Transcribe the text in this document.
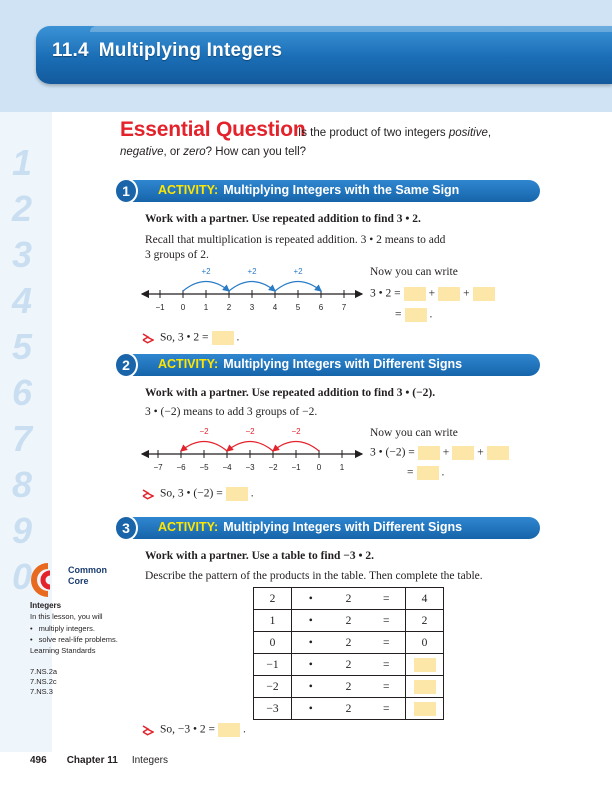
11.4 Multiplying Integers
1
2
3
4
5
6
7
8
9
0
Essential Question
Is the product of two integers positive, negative, or zero? How can you tell?
1	ACTIVITY: Multiplying Integers with the Same Sign
Work with a partner. Use repeated addition to find 3 • 2.
Recall that multiplication is repeated addition. 3 • 2 means to add
3 groups of 2.
−1 0 1 2 3 4 5 6 7
+2	+2	+2	Now you can write
3 • 2 = + +
= .
So, 3 • 2 = .
2	ACTIVITY: Multiplying Integers with Different Signs
Work with a partner. Use repeated addition to find 3 • (−2).
3 • (−2) means to add 3 groups of −2.
−7 −6 −5 −4 −3 −2 −1 0 1
−2	−2	−2	Now you can write
3 • (−2) = + +
= .
So, 3 • (−2) = .
3	ACTIVITY: Multiplying Integers with Different Signs
Work with a partner. Use a table to find −3 • 2.
Describe the pattern of the products in the table. Then complete the table.
2	•	2	=	4
1	•	2	=	2
0	•	2	=	0
−1	•	2	=	
−2	•	2	=	
−3	•	2	=	
So, −3 • 2 = .
Common
Core
Integers
In this lesson, you will
• multiply integers.
• solve real-life problems.
Learning Standards
7.NS.2a
7.NS.2c
7.NS.3
496 Chapter 11 Integers
